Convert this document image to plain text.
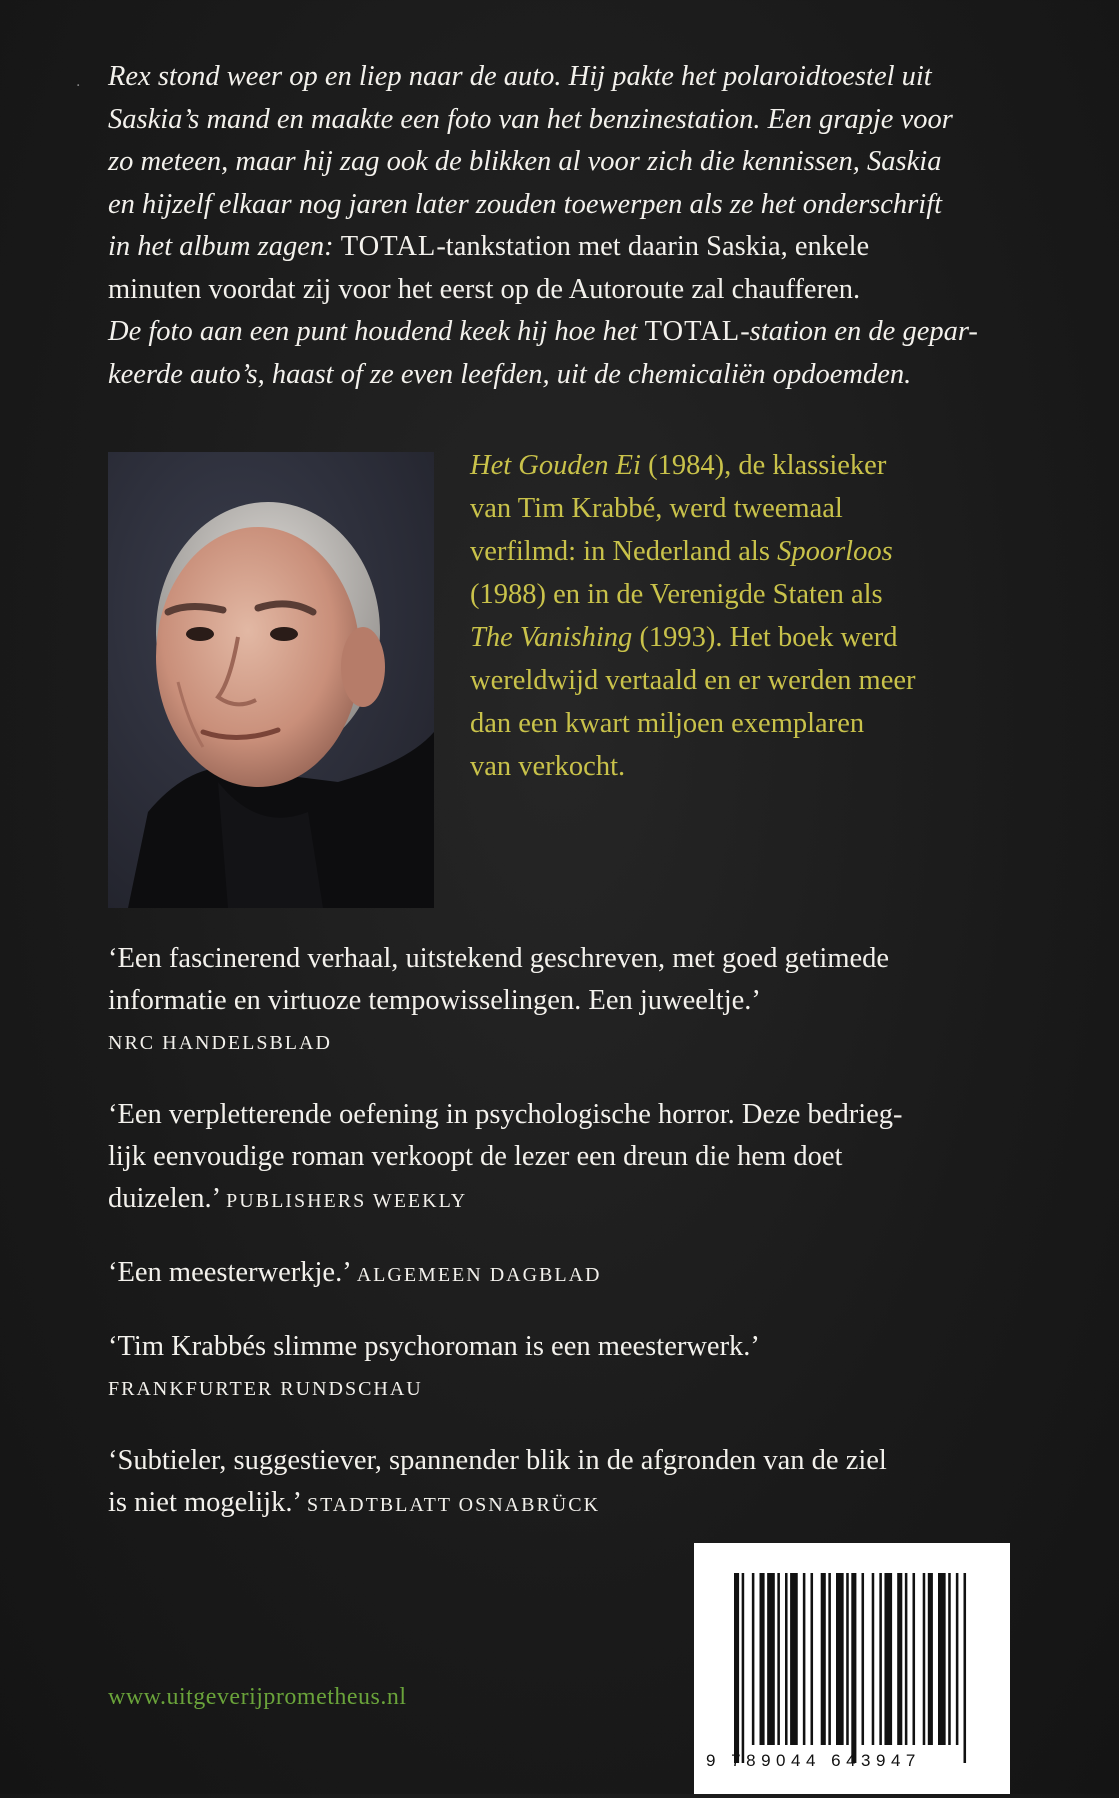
· Rex stond weer op en liep naar de auto. Hij pakte het polaroidtoestel uit
Saskia’s mand en maakte een foto van het benzinestation. Een grapje voor
zo meteen, maar hij zag ook de blikken al voor zich die kennissen, Saskia
en hijzelf elkaar nog jaren later zouden toewerpen als ze het onderschrift
in het album zagen: TOTAL-tankstation met daarin Saskia, enkele
minuten voordat zij voor het eerst op de Autoroute zal chaufferen.
De foto aan een punt houdend keek hij hoe het TOTAL-station en de gepar-
keerde auto’s, haast of ze even leefden, uit de chemicaliën opdoemden.
Het Gouden Ei (1984), de klassieker
van Tim Krabbé, werd tweemaal
verfilmd: in Nederland als Spoorloos
(1988) en in de Verenigde Staten als
The Vanishing (1993). Het boek werd
wereldwijd vertaald en er werden meer
dan een kwart miljoen exemplaren
van verkocht.
‘Een fascinerend verhaal, uitstekend geschreven, met goed getimede
informatie en virtuoze tempowisselingen. Een juweeltje.’
NRC HANDELSBLAD
‘Een verpletterende oefening in psychologische horror. Deze bedrieg-
lijk eenvoudige roman verkoopt de lezer een dreun die hem doet
duizelen.’ PUBLISHERS WEEKLY
‘Een meesterwerkje.’ ALGEMEEN DAGBLAD
‘Tim Krabbés slimme psychoroman is een meesterwerk.’
FRANKFURTER RUNDSCHAU
‘Subtieler, suggestiever, spannender blik in de afgronden van de ziel
is niet mogelijk.’ STADTBLATT OSNABRÜCK
www.uitgeverijprometheus.nl
9 789044 643947
